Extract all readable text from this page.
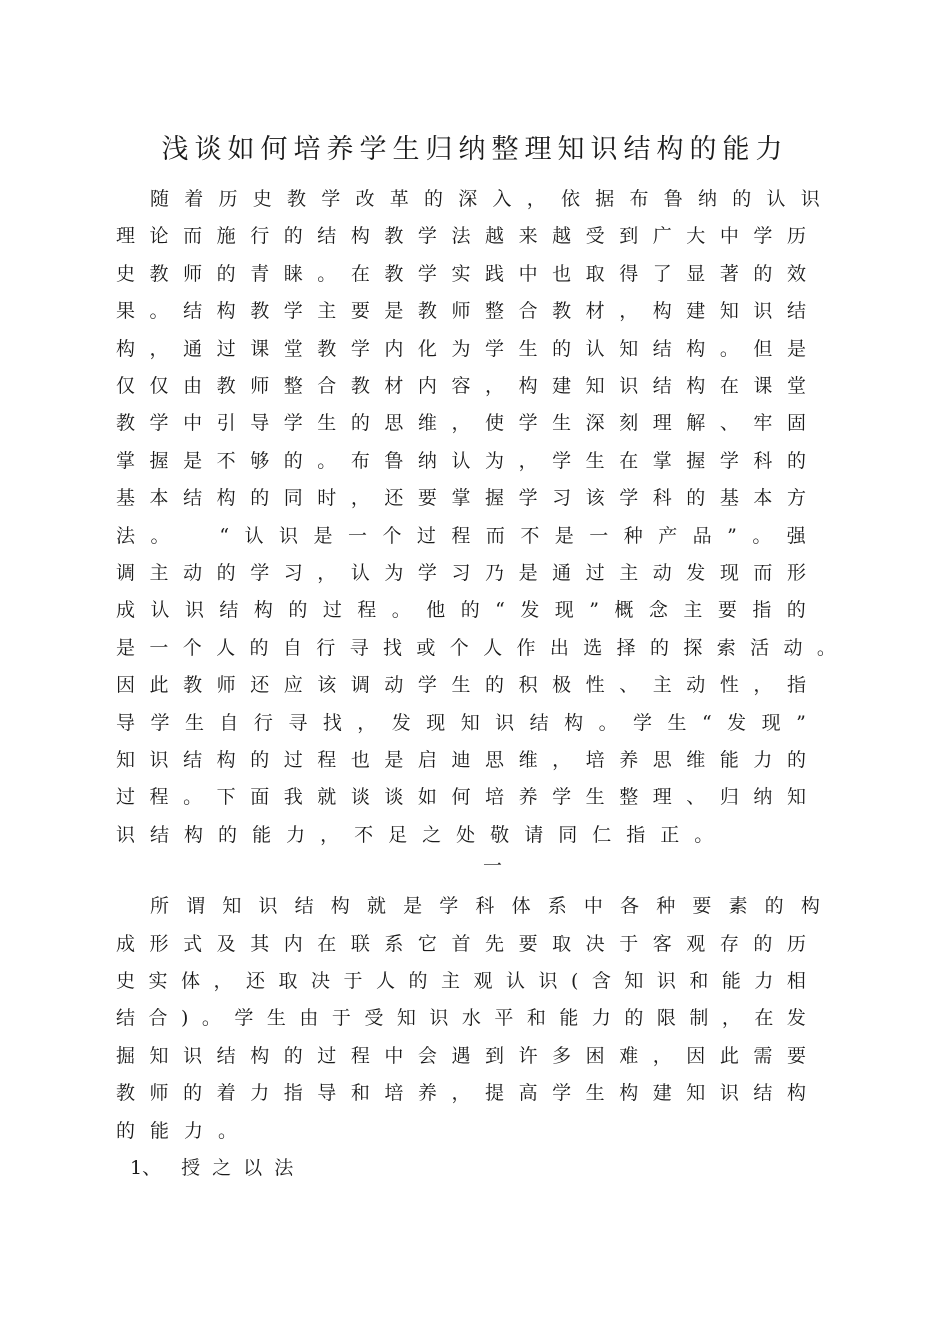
浅谈如何培养学生归纳整理知识结构的能力
随 着 历 史 教 学 改 革 的 深 入 ， 依 据 布 鲁 纳 的 认 识
理 论 而 施 行 的 结 构 教 学 法 越 来 越 受 到 广 大 中 学 历
史 教 师 的 青 睐 。 在 教 学 实 践 中 也 取 得 了 显 著 的 效
果 。 结 构 教 学 主 要 是 教 师 整 合 教 材 ， 构 建 知 识 结
构 ， 通 过 课 堂 教 学 内 化 为 学 生 的 认 知 结 构 。 但 是
仅 仅 由 教 师 整 合 教 材 内 容 ， 构 建 知 识 结 构 在 课 堂
教 学 中 引 导 学 生 的 思 维 ， 使 学 生 深 刻 理 解 、 牢 固
掌 握 是 不 够 的 。 布 鲁 纳 认 为 ， 学 生 在 掌 握 学 科 的
基 本 结 构 的 同 时 ， 还 要 掌 握 学 习 该 学 科 的 基 本 方
法 。
　	“ 认 识 是 一 个 过 程 而 不 是 一 种 产 品 ” 。 强
调 主 动 的 学 习 ， 认 为 学 习 乃 是 通 过 主 动 发 现 而 形
成 认 识 结 构 的 过 程 。 他 的 “ 发 现 ” 概 念 主 要 指 的
是 一 个 人 的 自 行 寻 找 或 个 人 作 出 选 择 的 探 索 活 动 。
因 此 教 师 还 应 该 调 动 学 生 的 积 极 性 、 主 动 性 ， 指
导 学 生 自 行 寻 找 ， 发 现 知 识 结 构 。 学 生 “ 发 现 ”
知 识 结 构 的 过 程 也 是 启 迪 思 维 ， 培 养 思 维 能 力 的
过 程 。 下 面 我 就 谈 谈 如 何 培 养 学 生 整 理 、 归 纳 知
识 结 构 的 能 力 ， 不 足 之 处 敬 请 同 仁 指 正 。
一
所 谓 知 识 结 构 就 是 学 科 体 系 中 各 种 要 素 的 构
成 形 式 及 其 内 在 联 系 它 首 先 要 取 决 于 客 观 存 的 历
史 实 体 ， 还 取 决 于 人 的 主 观 认 识 ( 含 知 识 和 能 力 相
结 合 ) 。 学 生 由 于 受 知 识 水 平 和 能 力 的 限 制 ， 在 发
掘 知 识 结 构 的 过 程 中 会 遇 到 许 多 困 难 ， 因 此 需 要
教 师 的 着 力 指 导 和 培 养 ， 提 高 学 生 构 建 知 识 结 构
的 能 力 。
1、 授 之 以 法
